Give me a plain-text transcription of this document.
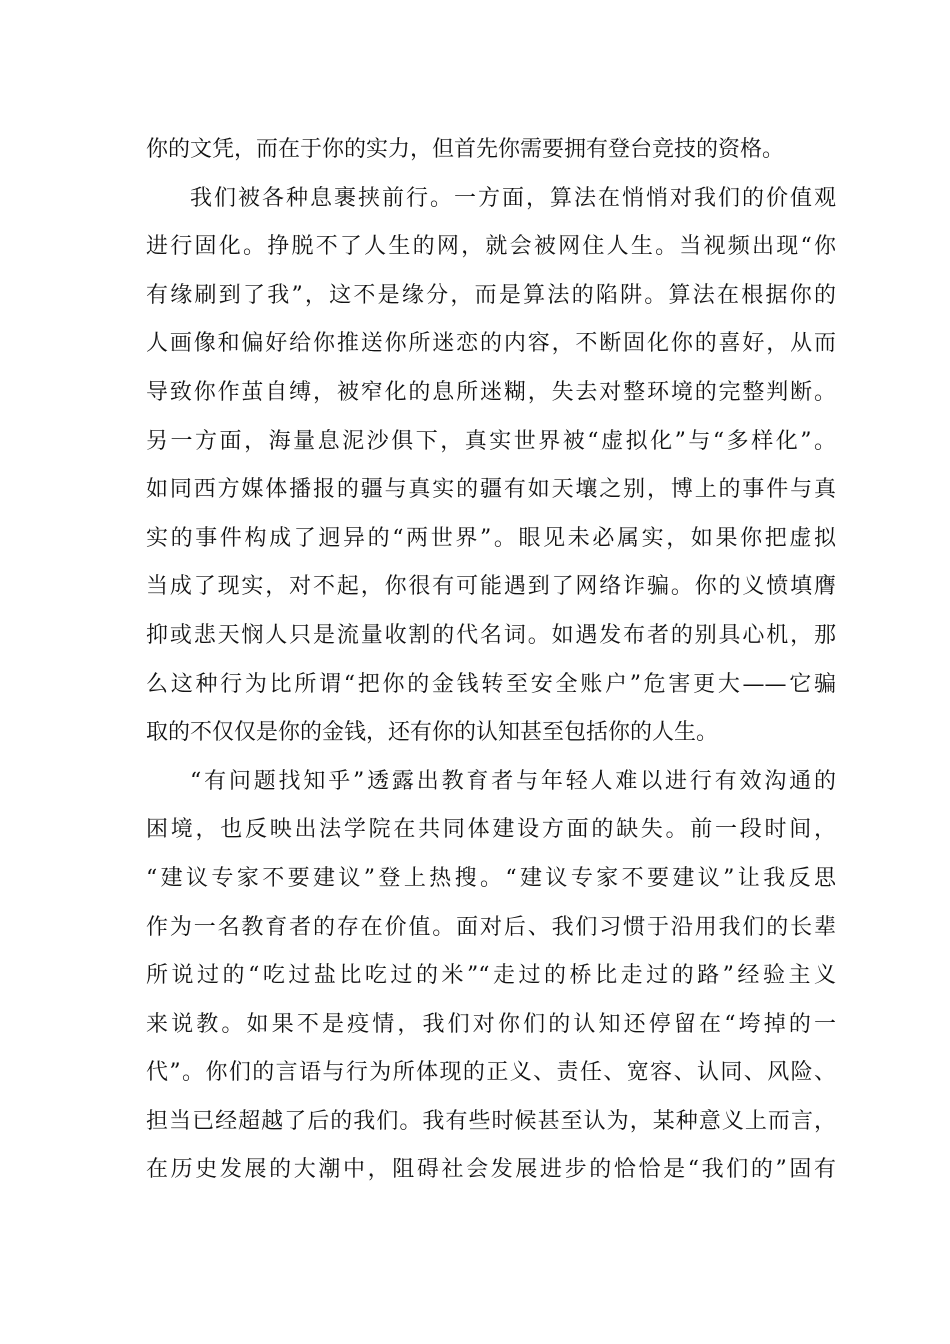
你的文凭，而在于你的实力，但首先你需要拥有登台竞技的资格。
我们被各种息裹挟前行。一方面，算法在悄悄对我们的价值观
进行固化。挣脱不了人生的网，就会被网住人生。当视频出现“你
有缘刷到了我”，这不是缘分，而是算法的陷阱。算法在根据你的
人画像和偏好给你推送你所迷恋的内容，不断固化你的喜好，从而
导致你作茧自缚，被窄化的息所迷糊，失去对整环境的完整判断。
另一方面，海量息泥沙俱下，真实世界被“虚拟化”与“多样化”。
如同西方媒体播报的疆与真实的疆有如天壤之别，博上的事件与真
实的事件构成了迥异的“两世界”。眼见未必属实，如果你把虚拟
当成了现实，对不起，你很有可能遇到了网络诈骗。你的义愤填膺
抑或悲天悯人只是流量收割的代名词。如遇发布者的别具心机，那
么这种行为比所谓“把你的金钱转至安全账户”危害更大——它骗
取的不仅仅是你的金钱，还有你的认知甚至包括你的人生。
“有问题找知乎”透露出教育者与年轻人难以进行有效沟通的
困境，也反映出法学院在共同体建设方面的缺失。前一段时间，
“建议专家不要建议”登上热搜。“建议专家不要建议”让我反思
作为一名教育者的存在价值。面对后、我们习惯于沿用我们的长辈
所说过的“吃过盐比吃过的米”“走过的桥比走过的路”经验主义
来说教。如果不是疫情，我们对你们的认知还停留在“垮掉的一
代”。你们的言语与行为所体现的正义、责任、宽容、认同、风险、
担当已经超越了后的我们。我有些时候甚至认为，某种意义上而言，
在历史发展的大潮中，阻碍社会发展进步的恰恰是“我们的”固有
